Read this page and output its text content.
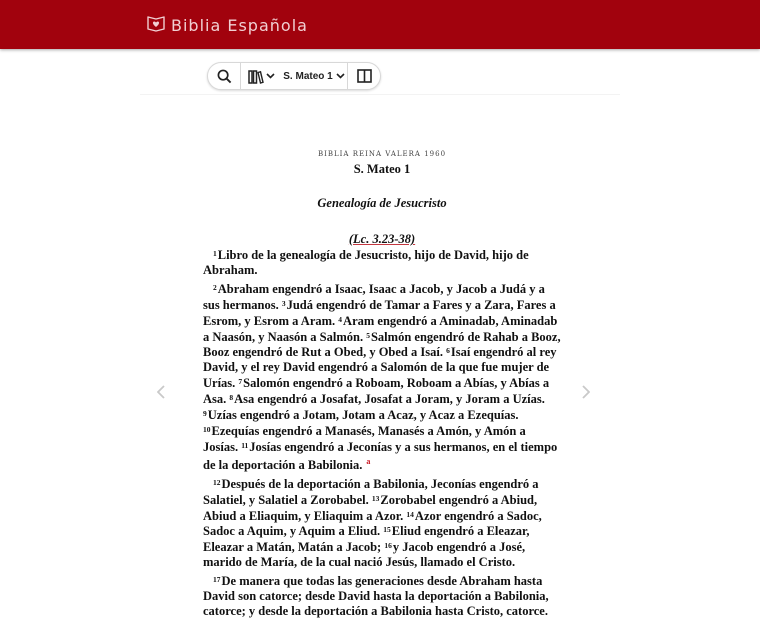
Biblia Española
S. Mateo 1
BIBLIA REINA VALERA 1960
S. Mateo 1
Genealogía de Jesucristo
(Lc. 3.23-38)

$^1$Libro de la genealogía de Jesucristo, hijo de David, hijo de Abraham.

$^2$Abraham engendró a Isaac, Isaac a Jacob, y Jacob a Judá y a sus hermanos. $^3$Judá engendró de Tamar a Fares y a Zara, Fares a Esrom, y Esrom a Aram. $^4$Aram engendró a Aminadab, Aminadab a Naasón, y Naasón a Salmón. $^5$Salmón engendró de Rahab a Booz, Booz engendró de Rut a Obed, y Obed a Isaí. $^6$Isaí engendró al rey David, y el rey David engendró a Salomón de la que fue mujer de Urías. $^7$Salomón engendró a Roboam, Roboam a Abías, y Abías a Asa. $^8$Asa engendró a Josafat, Josafat a Joram, y Joram a Uzías. $^9$Uzías engendró a Jotam, Jotam a Acaz, y Acaz a Ezequías. $^{10}$Ezequías engendró a Manasés, Manasés a Amón, y Amón a Josías. $^{11}$Josías engendró a Jeconías y a sus hermanos, en el tiempo de la deportación a Babilonia. $^a$

$^{12}$Después de la deportación a Babilonia, Jeconías engendró a Salatiel, y Salatiel a Zorobabel. $^{13}$Zorobabel engendró a Abiud, Abiud a Eliaquim, y Eliaquim a Azor. $^{14}$Azor engendró a Sadoc, Sadoc a Aquim, y Aquim a Eliud. $^{15}$Eliud engendró a Eleazar, Eleazar a Matán, Matán a Jacob; $^{16}$y Jacob engendró a José, marido de María, de la cual nació Jesús, llamado el Cristo.

$^{17}$De manera que todas las generaciones desde Abraham hasta David son catorce; desde David hasta la deportación a Babilonia, catorce; y desde la deportación a Babilonia hasta Cristo, catorce.
